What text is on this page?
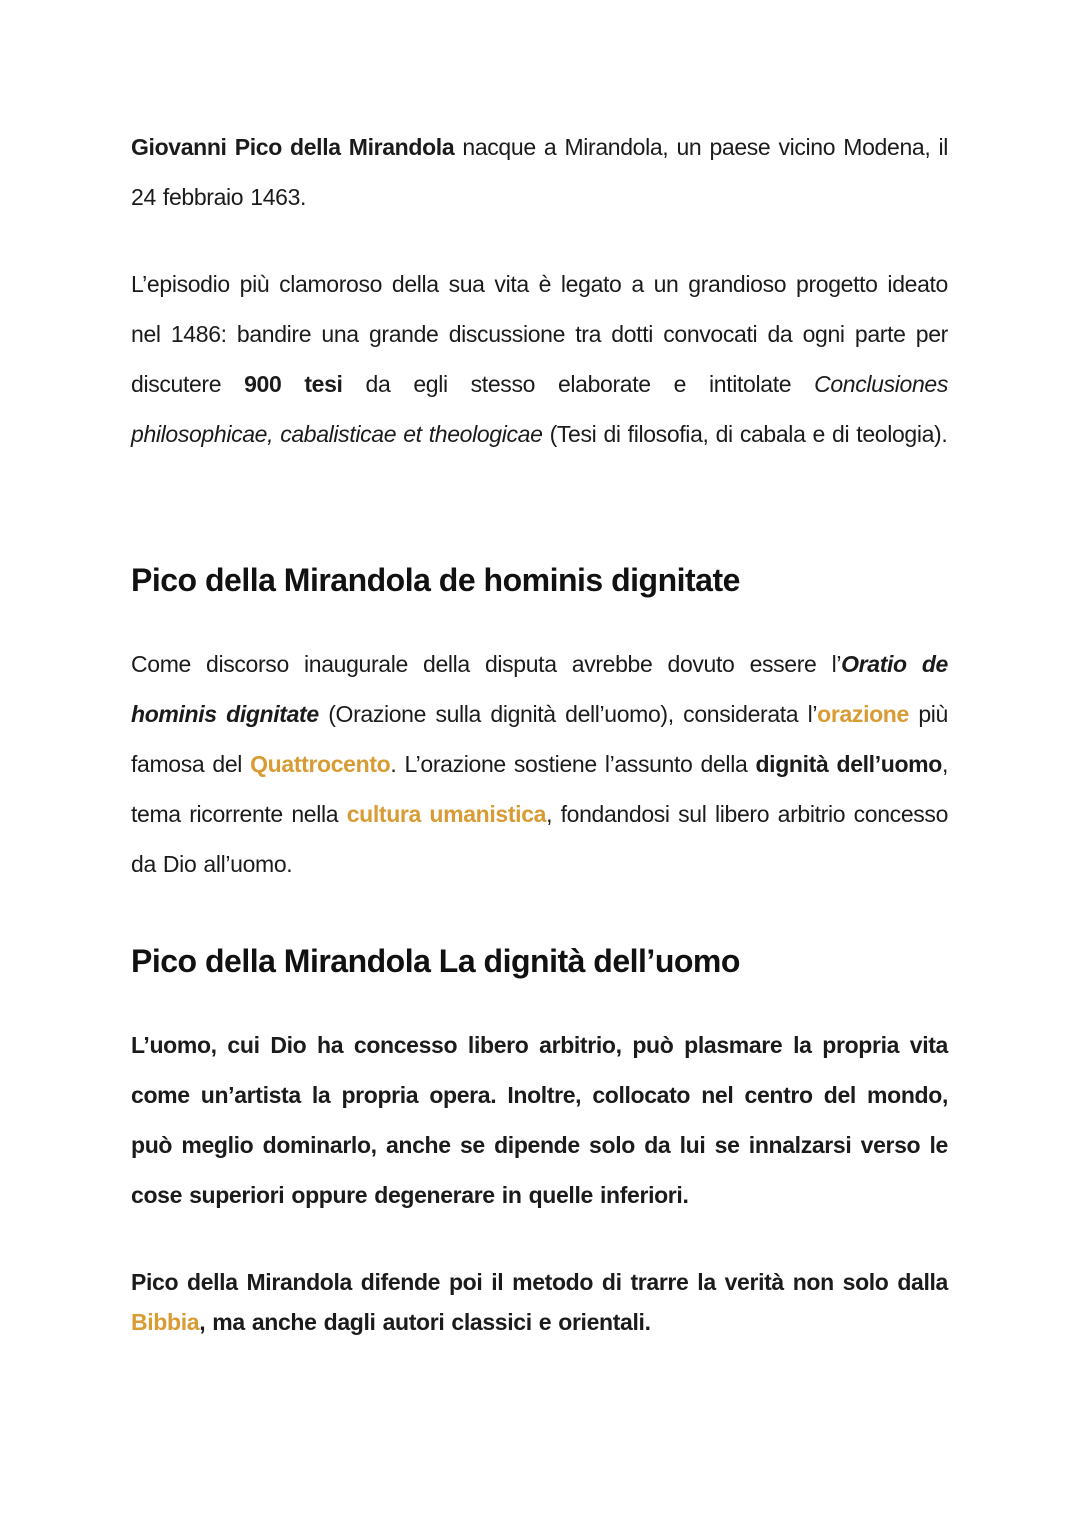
Giovanni Pico della Mirandola nacque a Mirandola, un paese vicino Modena, il 24 febbraio 1463.

L’episodio più clamoroso della sua vita è legato a un grandioso progetto ideato nel 1486: bandire una grande discussione tra dotti convocati da ogni parte per discutere 900 tesi da egli stesso elaborate e intitolate Conclusiones philosophicae, cabalisticae et theologicae (Tesi di filosofia, di cabala e di teologia).

Pico della Mirandola de hominis dignitate

Come discorso inaugurale della disputa avrebbe dovuto essere l’Oratio de hominis dignitate (Orazione sulla dignità dell’uomo), considerata l’orazione più famosa del Quattrocento. L’orazione sostiene l’assunto della dignità dell’uomo, tema ricorrente nella cultura umanistica, fondandosi sul libero arbitrio concesso da Dio all’uomo.

Pico della Mirandola La dignità dell’uomo

L’uomo, cui Dio ha concesso libero arbitrio, può plasmare la propria vita come un’artista la propria opera. Inoltre, collocato nel centro del mondo, può meglio dominarlo, anche se dipende solo da lui se innalzarsi verso le cose superiori oppure degenerare in quelle inferiori.

Pico della Mirandola difende poi il metodo di trarre la verità non solo dalla Bibbia, ma anche dagli autori classici e orientali.
